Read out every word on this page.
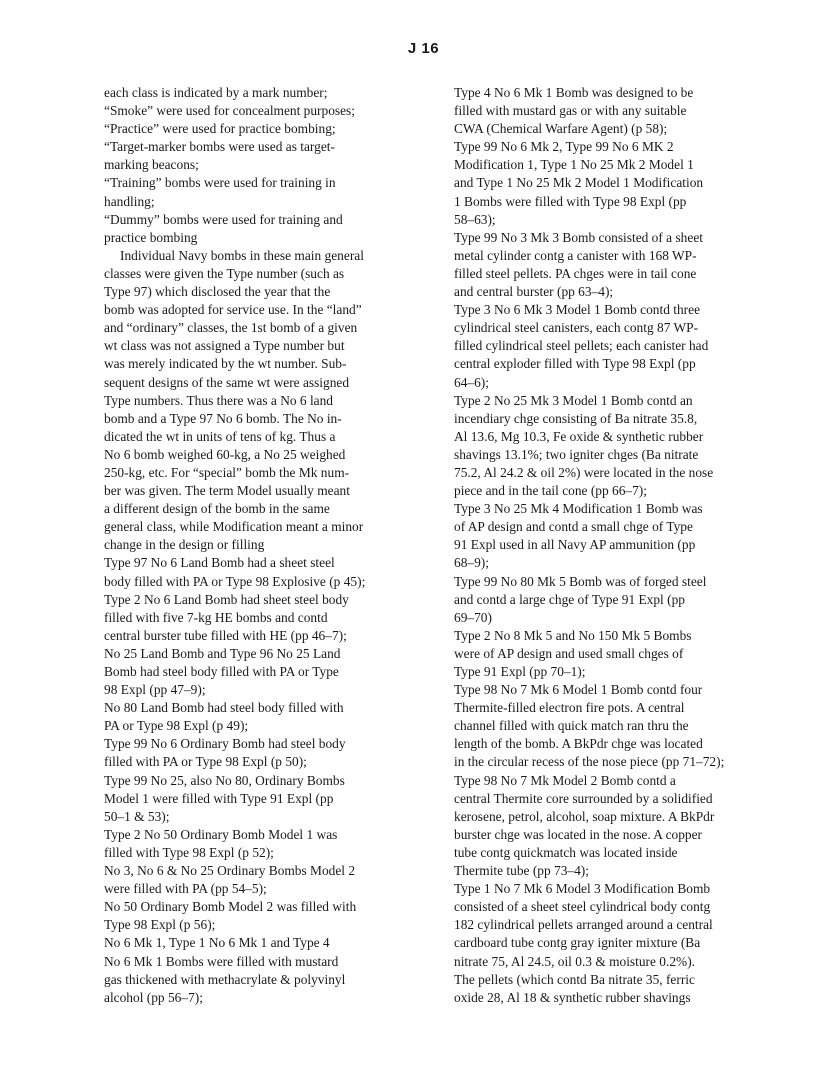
J 16
each class is indicated by a mark number;
“Smoke” were used for concealment purposes;
“Practice” were used for practice bombing;
“Target-marker bombs were used as target-
marking beacons;
“Training” bombs were used for training in
handling;
“Dummy” bombs were used for training and
practice bombing
Individual Navy bombs in these main general
classes were given the Type number (such as
Type 97) which disclosed the year that the
bomb was adopted for service use. In the “land”
and “ordinary” classes, the 1st bomb of a given
wt class was not assigned a Type number but
was merely indicated by the wt number. Sub-
sequent designs of the same wt were assigned
Type numbers. Thus there was a No 6 land
bomb and a Type 97 No 6 bomb. The No in-
dicated the wt in units of tens of kg. Thus a
No 6 bomb weighed 60-kg, a No 25 weighed
250-kg, etc. For “special” bomb the Mk num-
ber was given. The term Model usually meant
a different design of the bomb in the same
general class, while Modification meant a minor
change in the design or filling
Type 97 No 6 Land Bomb had a sheet steel
body filled with PA or Type 98 Explosive (p 45);
Type 2 No 6 Land Bomb had sheet steel body
filled with five 7-kg HE bombs and contd
central burster tube filled with HE (pp 46–7);
No 25 Land Bomb and Type 96 No 25 Land
Bomb had steel body filled with PA or Type
98 Expl (pp 47–9);
No 80 Land Bomb had steel body filled with
PA or Type 98 Expl (p 49);
Type 99 No 6 Ordinary Bomb had steel body
filled with PA or Type 98 Expl (p 50);
Type 99 No 25, also No 80, Ordinary Bombs
Model 1 were filled with Type 91 Expl (pp
50–1 & 53);
Type 2 No 50 Ordinary Bomb Model 1 was
filled with Type 98 Expl (p 52);
No 3, No 6 & No 25 Ordinary Bombs Model 2
were filled with PA (pp 54–5);
No 50 Ordinary Bomb Model 2 was filled with
Type 98 Expl (p 56);
No 6 Mk 1, Type 1 No 6 Mk 1 and Type 4
No 6 Mk 1 Bombs were filled with mustard
gas thickened with methacrylate & polyvinyl
alcohol (pp 56–7);
Type 4 No 6 Mk 1 Bomb was designed to be
filled with mustard gas or with any suitable
CWA (Chemical Warfare Agent) (p 58);
Type 99 No 6 Mk 2, Type 99 No 6 MK 2
Modification 1, Type 1 No 25 Mk 2 Model 1
and Type 1 No 25 Mk 2 Model 1 Modification
1 Bombs were filled with Type 98 Expl (pp
58–63);
Type 99 No 3 Mk 3 Bomb consisted of a sheet
metal cylinder contg a canister with 168 WP-
filled steel pellets. PA chges were in tail cone
and central burster (pp 63–4);
Type 3 No 6 Mk 3 Model 1 Bomb contd three
cylindrical steel canisters, each contg 87 WP-
filled cylindrical steel pellets; each canister had
central exploder filled with Type 98 Expl (pp
64–6);
Type 2 No 25 Mk 3 Model 1 Bomb contd an
incendiary chge consisting of Ba nitrate 35.8,
Al 13.6, Mg 10.3, Fe oxide & synthetic rubber
shavings 13.1%; two igniter chges (Ba nitrate
75.2, Al 24.2 & oil 2%) were located in the nose
piece and in the tail cone (pp 66–7);
Type 3 No 25 Mk 4 Modification 1 Bomb was
of AP design and contd a small chge of Type
91 Expl used in all Navy AP ammunition (pp
68–9);
Type 99 No 80 Mk 5 Bomb was of forged steel
and contd a large chge of Type 91 Expl (pp
69–70)
Type 2 No 8 Mk 5 and No 150 Mk 5 Bombs
were of AP design and used small chges of
Type 91 Expl (pp 70–1);
Type 98 No 7 Mk 6 Model 1 Bomb contd four
Thermite-filled electron fire pots. A central
channel filled with quick match ran thru the
length of the bomb. A BkPdr chge was located
in the circular recess of the nose piece (pp 71–72);
Type 98 No 7 Mk Model 2 Bomb contd a
central Thermite core surrounded by a solidified
kerosene, petrol, alcohol, soap mixture. A BkPdr
burster chge was located in the nose. A copper
tube contg quickmatch was located inside
Thermite tube (pp 73–4);
Type 1 No 7 Mk 6 Model 3 Modification Bomb
consisted of a sheet steel cylindrical body contg
182 cylindrical pellets arranged around a central
cardboard tube contg gray igniter mixture (Ba
nitrate 75, Al 24.5, oil 0.3 & moisture 0.2%).
The pellets (which contd Ba nitrate 35, ferric
oxide 28, Al 18 & synthetic rubber shavings
